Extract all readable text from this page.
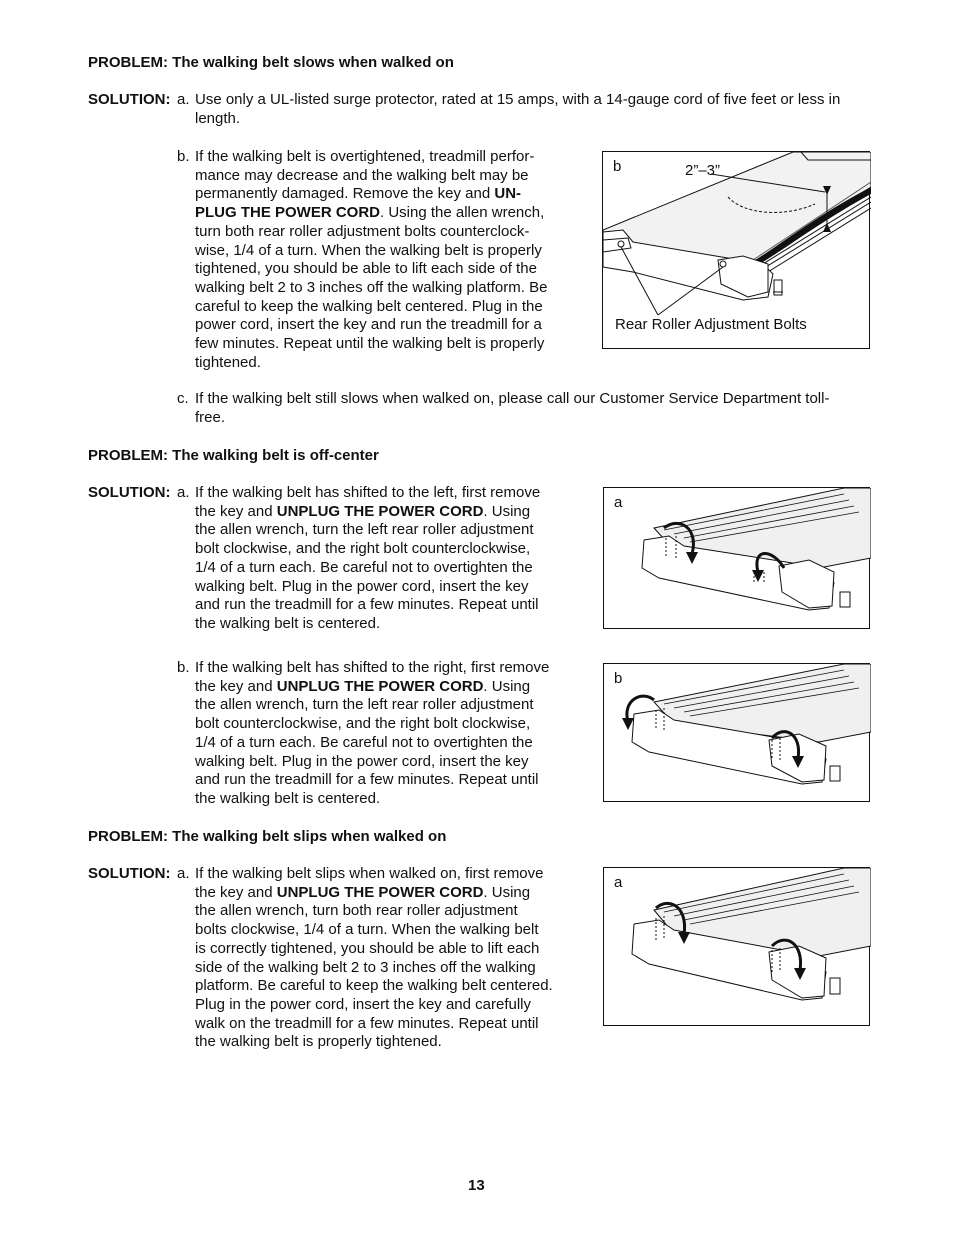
PROBLEM: The walking belt slows when walked on
SOLUTION: a. Use only a UL-listed surge protector, rated at 15 amps, with a 14-gauge cord of five feet or less in
length.
b. If the walking belt is overtightened, treadmill perfor-
mance may decrease and the walking belt may be
permanently damaged. Remove the key and UN-
PLUG THE POWER CORD. Using the allen wrench,
turn both rear roller adjustment bolts counterclock-
wise, 1/4 of a turn. When the walking belt is properly
tightened, you should be able to lift each side of the
walking belt 2 to 3 inches off the walking platform. Be
careful to keep the walking belt centered. Plug in the
power cord, insert the key and run the treadmill for a
few minutes. Repeat until the walking belt is properly
tightened.
b	2”–3”
Rear Roller Adjustment Bolts
c. If the walking belt still slows when walked on, please call our Customer Service Department toll-
free.
PROBLEM: The walking belt is off-center
SOLUTION: a. If the walking belt has shifted to the left, first remove
the key and UNPLUG THE POWER CORD. Using
the allen wrench, turn the left rear roller adjustment
bolt clockwise, and the right bolt counterclockwise,
1/4 of a turn each. Be careful not to overtighten the
walking belt. Plug in the power cord, insert the key
and run the treadmill for a few minutes. Repeat until
the walking belt is centered.
a
b. If the walking belt has shifted to the right, first remove
the key and UNPLUG THE POWER CORD. Using
the allen wrench, turn the left rear roller adjustment
bolt counterclockwise, and the right bolt clockwise,
1/4 of a turn each. Be careful not to overtighten the
walking belt. Plug in the power cord, insert the key
and run the treadmill for a few minutes. Repeat until
the walking belt is centered.
b
PROBLEM: The walking belt slips when walked on
SOLUTION: a. If the walking belt slips when walked on, first remove
the key and UNPLUG THE POWER CORD. Using
the allen wrench, turn both rear roller adjustment
bolts clockwise, 1/4 of a turn. When the walking belt
is correctly tightened, you should be able to lift each
side of the walking belt 2 to 3 inches off the walking
platform. Be careful to keep the walking belt centered.
Plug in the power cord, insert the key and carefully
walk on the treadmill for a few minutes. Repeat until
the walking belt is properly tightened.
a
13
